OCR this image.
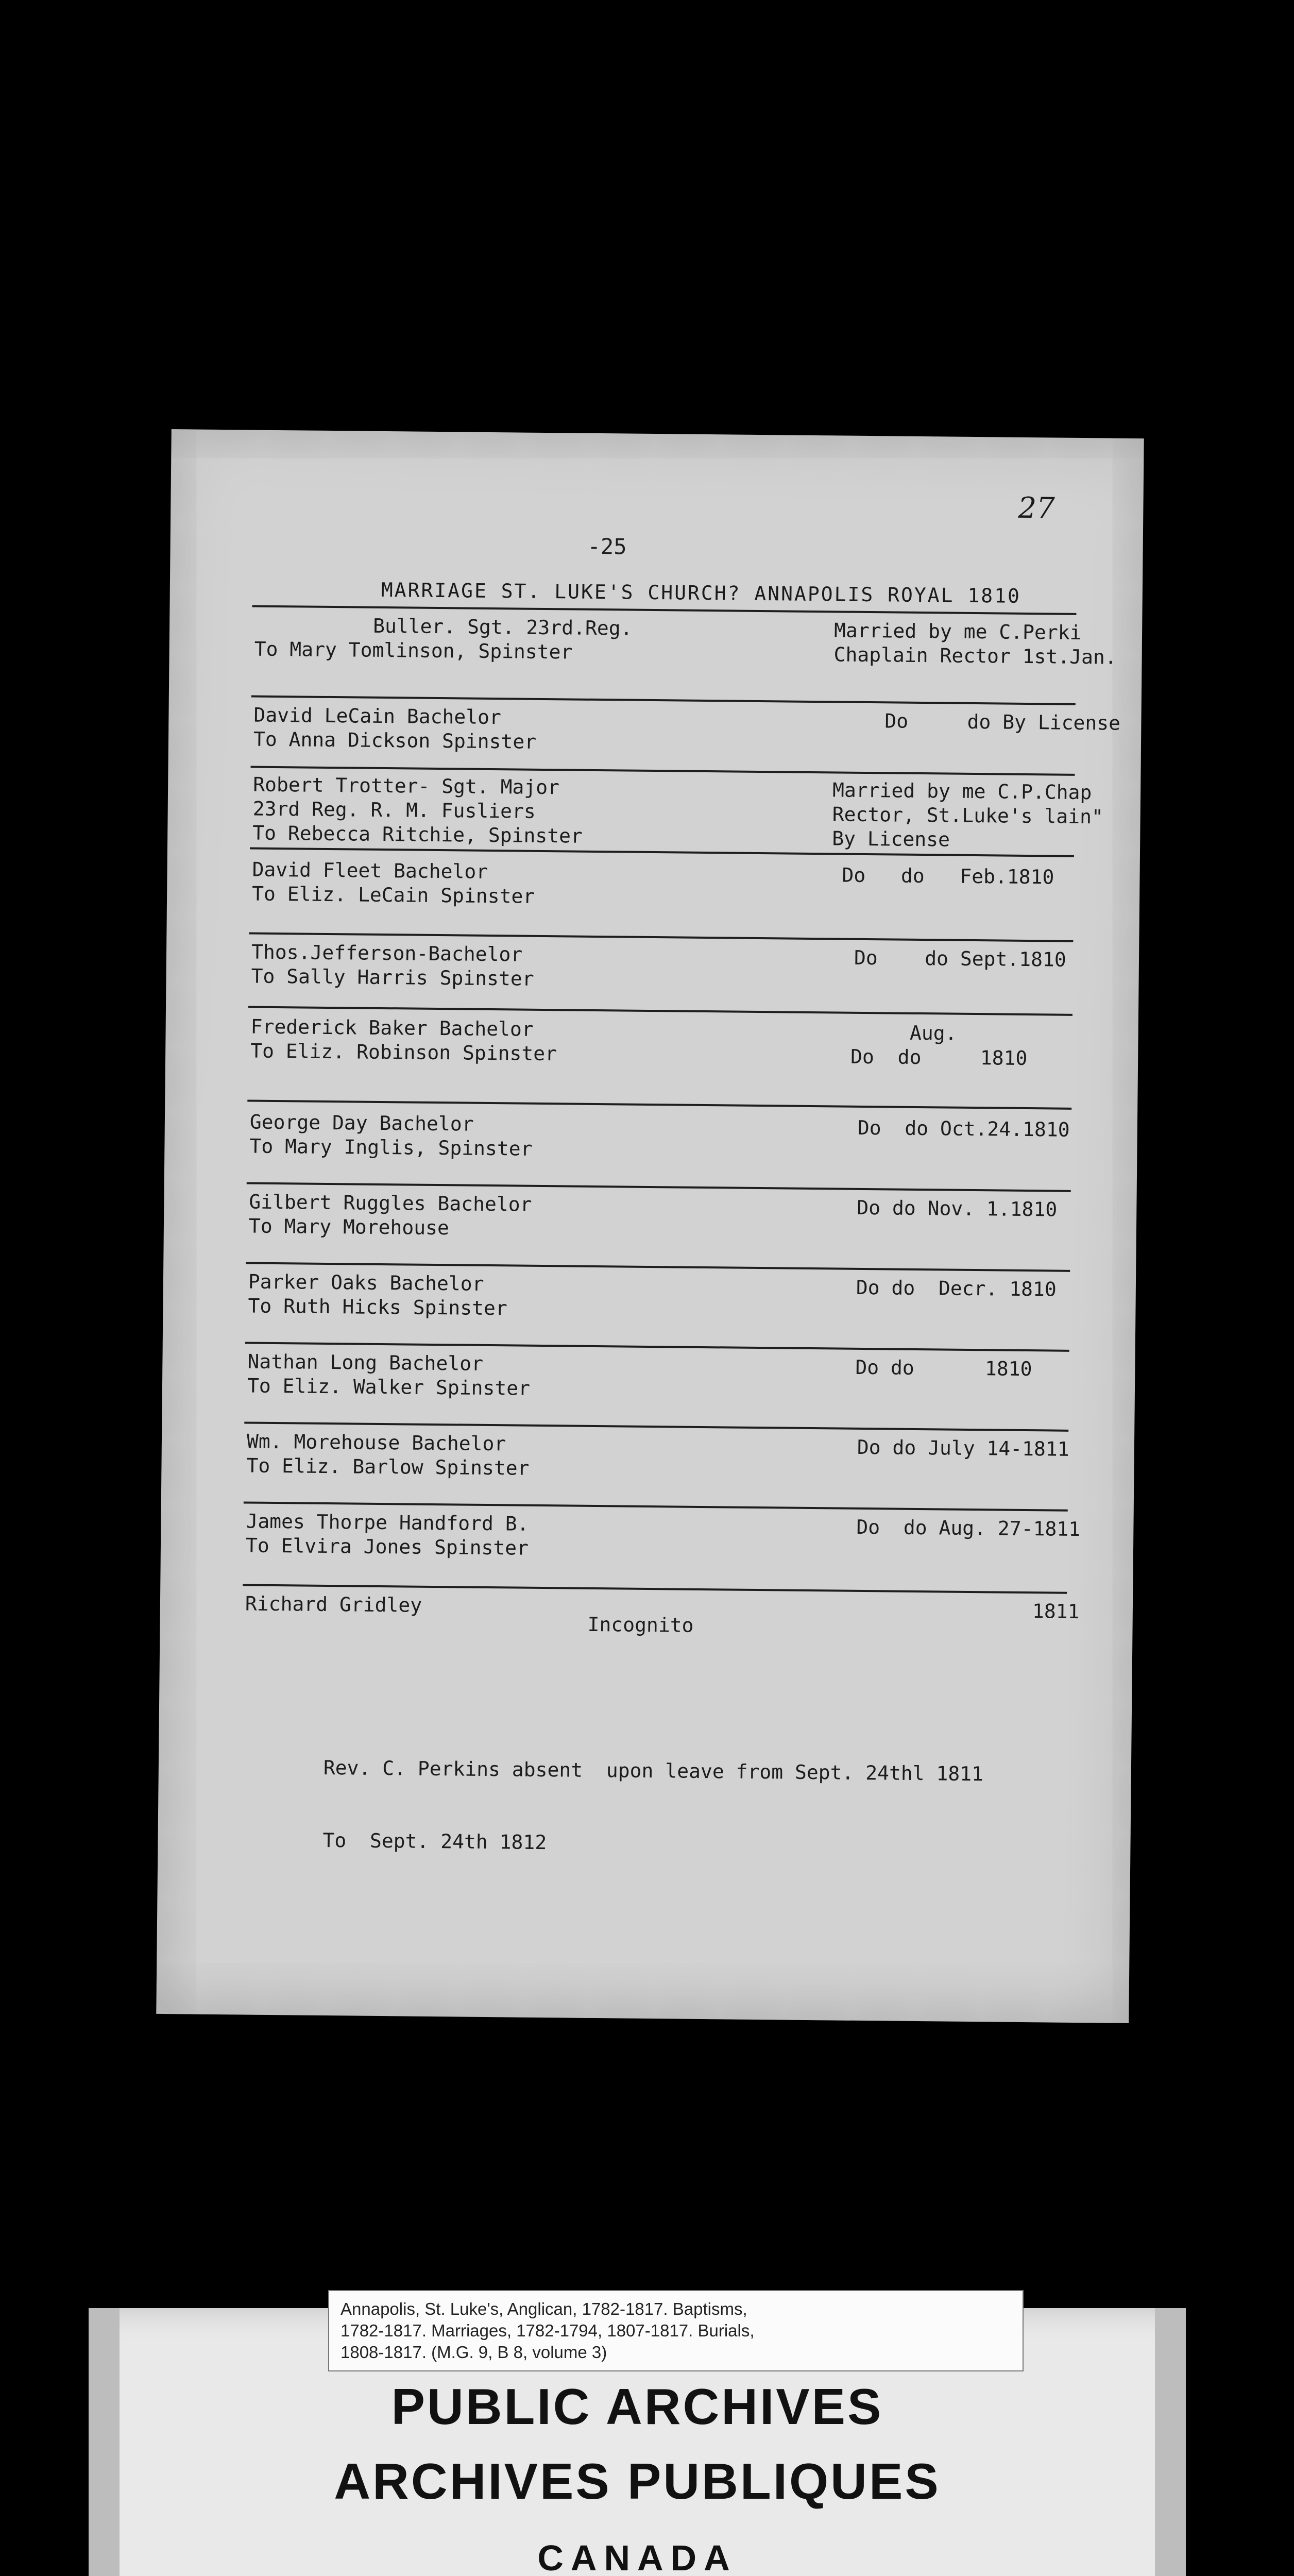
27
-25
MARRIAGE ST. LUKE'S CHURCH? ANNAPOLIS ROYAL 1810
Buller. Sgt. 23rd.Reg.
To Mary Tomlinson, Spinster
Married by me C.Perki
Chaplain Rector 1st.Jan.
David LeCain Bachelor
To Anna Dickson Spinster
Do     do By License
Robert Trotter- Sgt. Major
23rd Reg. R. M. Fusliers
To Rebecca Ritchie, Spinster
Married by me C.P.Chap
Rector, St.Luke's lain"
By License
David Fleet Bachelor
To Eliz. LeCain Spinster
Do   do   Feb.1810
Thos.Jefferson-Bachelor
To Sally Harris Spinster
Do    do Sept.1810
Frederick Baker Bachelor
To Eliz. Robinson Spinster
Aug.
Do  do     1810
George Day Bachelor
To Mary Inglis, Spinster
Do  do Oct.24.1810
Gilbert Ruggles Bachelor
To Mary Morehouse
Do do Nov. 1.1810
Parker Oaks Bachelor
To Ruth Hicks Spinster
Do do  Decr. 1810
Nathan Long Bachelor
To Eliz. Walker Spinster
Do do      1810
Wm. Morehouse Bachelor
To Eliz. Barlow Spinster
Do do July 14-1811
James Thorpe Handford B.
To Elvira Jones Spinster
Do  do Aug. 27-1811
Richard Gridley	1811
Incognito

Rev. C. Perkins absent  upon leave from Sept. 24thl 1811

To  Sept. 24th 1812

Annapolis, St. Luke's, Anglican, 1782-1817. Baptisms,
1782-1817. Marriages, 1782-1794, 1807-1817. Burials,
1808-1817. (M.G. 9, B 8, volume 3)
PUBLIC ARCHIVES
ARCHIVES PUBLIQUES
CANADA
